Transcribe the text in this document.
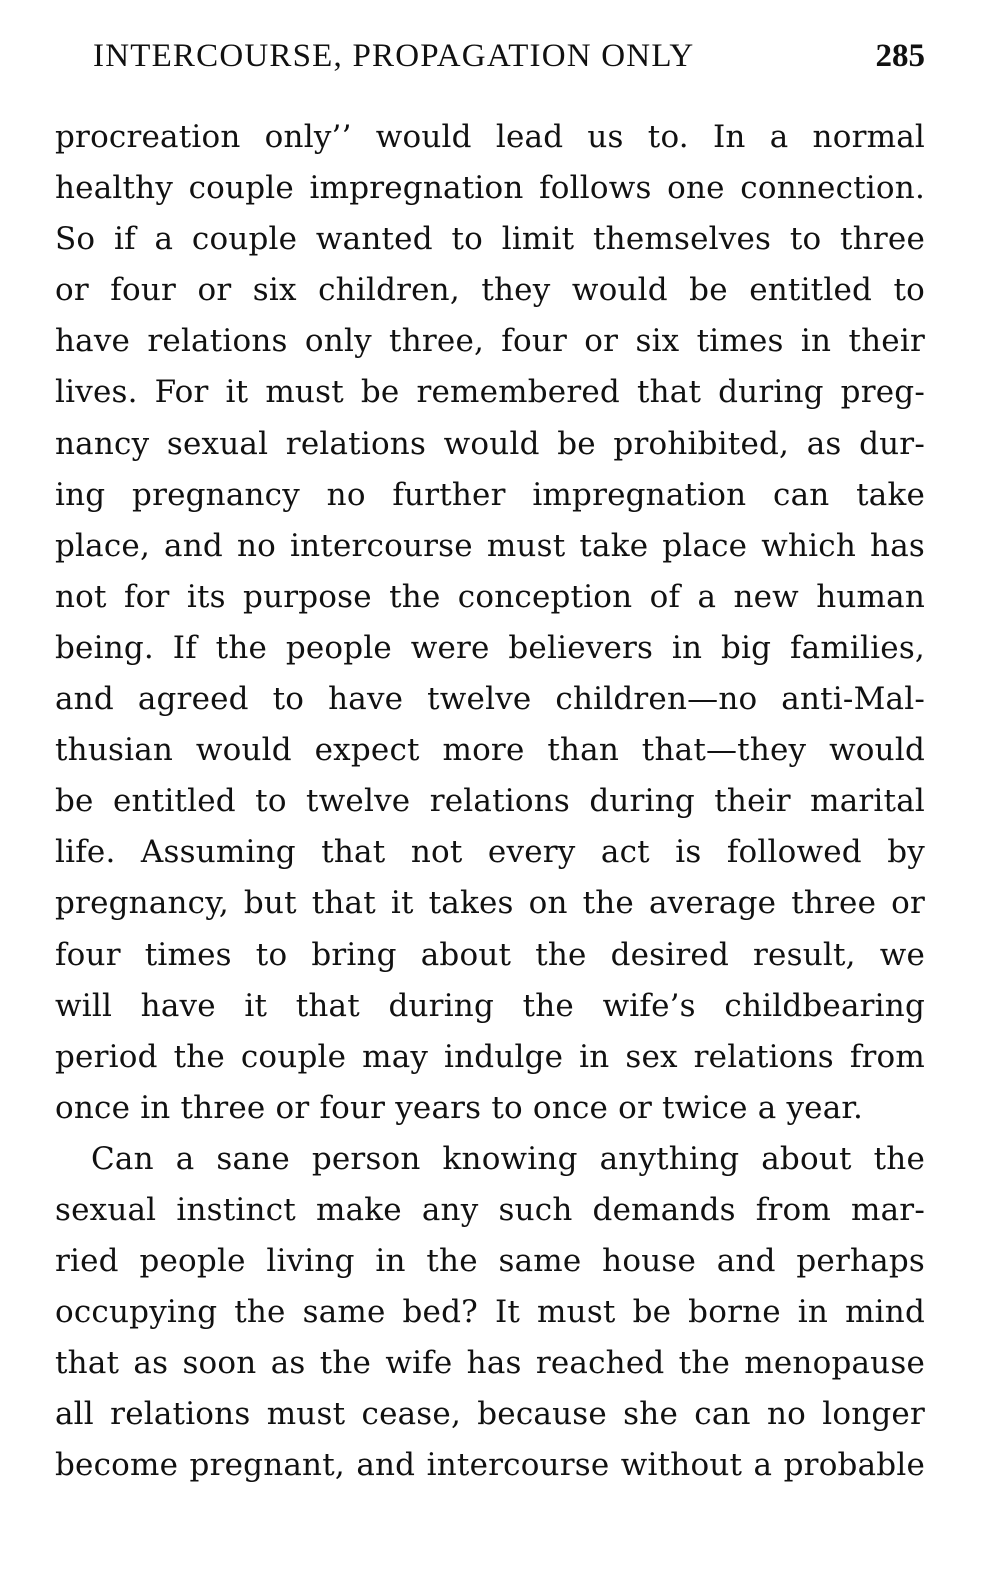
INTERCOURSE, PROPAGATION ONLY	285
procreation only’’ would lead us to. In a normal
healthy couple impregnation follows one connection.
So if a couple wanted to limit themselves to three
or four or six children, they would be entitled to
have relations only three, four or six times in their
lives. For it must be remembered that during preg-
nancy sexual relations would be prohibited, as dur-
ing pregnancy no further impregnation can take
place, and no intercourse must take place which has
not for its purpose the conception of a new human
being. If the people were believers in big families,
and agreed to have twelve children—no anti-Mal-
thusian would expect more than that—they would
be entitled to twelve relations during their marital
life. Assuming that not every act is followed by
pregnancy, but that it takes on the average three or
four times to bring about the desired result, we
will have it that during the wife’s childbearing
period the couple may indulge in sex relations from
once in three or four years to once or twice a year.
Can a sane person knowing anything about the
sexual instinct make any such demands from mar-
ried people living in the same house and perhaps
occupying the same bed? It must be borne in mind
that as soon as the wife has reached the menopause
all relations must cease, because she can no longer
become pregnant, and intercourse without a probable
